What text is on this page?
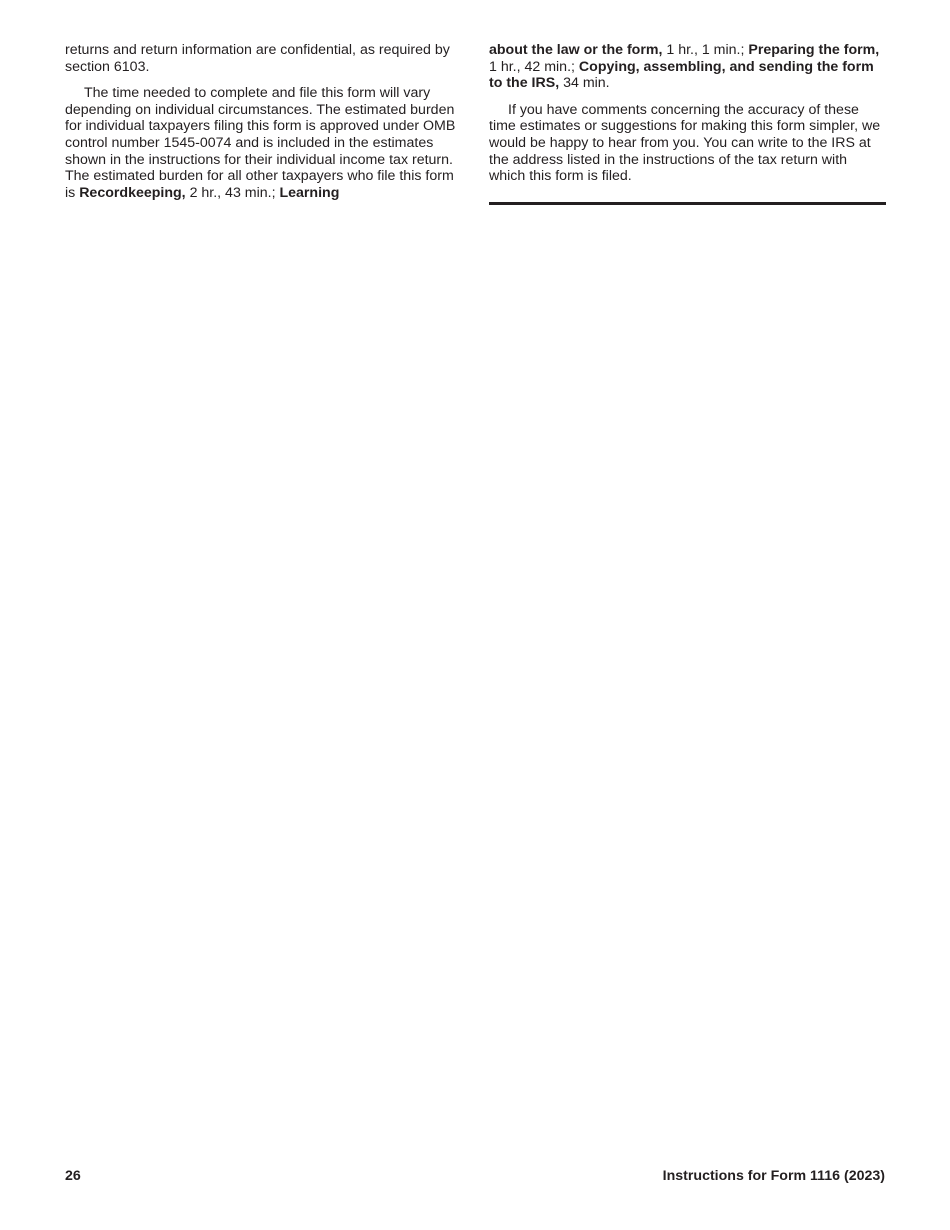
returns and return information are confidential, as required by section 6103.

The time needed to complete and file this form will vary depending on individual circumstances. The estimated burden for individual taxpayers filing this form is approved under OMB control number 1545-0074 and is included in the estimates shown in the instructions for their individual income tax return. The estimated burden for all other taxpayers who file this form is Recordkeeping, 2 hr., 43 min.; Learning

about the law or the form, 1 hr., 1 min.; Preparing the form, 1 hr., 42 min.; Copying, assembling, and sending the form to the IRS, 34 min.

If you have comments concerning the accuracy of these time estimates or suggestions for making this form simpler, we would be happy to hear from you. You can write to the IRS at the address listed in the instructions of the tax return with which this form is filed.

26	Instructions for Form 1116 (2023)
